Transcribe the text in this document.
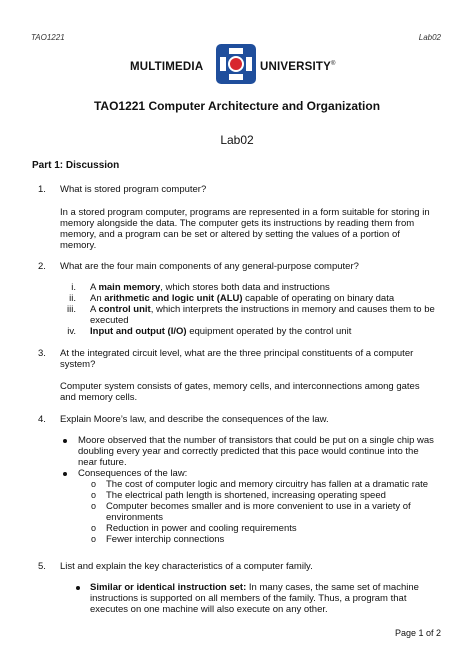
TAO1221	Lab02
MULTIMEDIA	UNIVERSITY®
TAO1221 Computer Architecture and Organization
Lab02
Part 1: Discussion
1. What is stored program computer?
In a stored program computer, programs are represented in a form suitable for storing in
memory alongside the data. The computer gets its instructions by reading them from
memory, and a program can be set or altered by setting the values of a portion of
memory.
2. What are the four main components of any general-purpose computer?
i. A main memory, which stores both data and instructions
ii. An arithmetic and logic unit (ALU) capable of operating on binary data
iii. A control unit, which interprets the instructions in memory and causes them to be
executed
iv. Input and output (I/O) equipment operated by the control unit
3. At the integrated circuit level, what are the three principal constituents of a computer
system?
Computer system consists of gates, memory cells, and interconnections among gates
and memory cells.
4. Explain Moore’s law, and describe the consequences of the law.
Moore observed that the number of transistors that could be put on a single chip was
doubling every year and correctly predicted that this pace would continue into the
near future.
Consequences of the law:
o The cost of computer logic and memory circuitry has fallen at a dramatic rate
o The electrical path length is shortened, increasing operating speed
o Computer becomes smaller and is more convenient to use in a variety of
environments
o Reduction in power and cooling requirements
o Fewer interchip connections
5. List and explain the key characteristics of a computer family.
Similar or identical instruction set: In many cases, the same set of machine
instructions is supported on all members of the family. Thus, a program that
executes on one machine will also execute on any other.
Page 1 of 2
